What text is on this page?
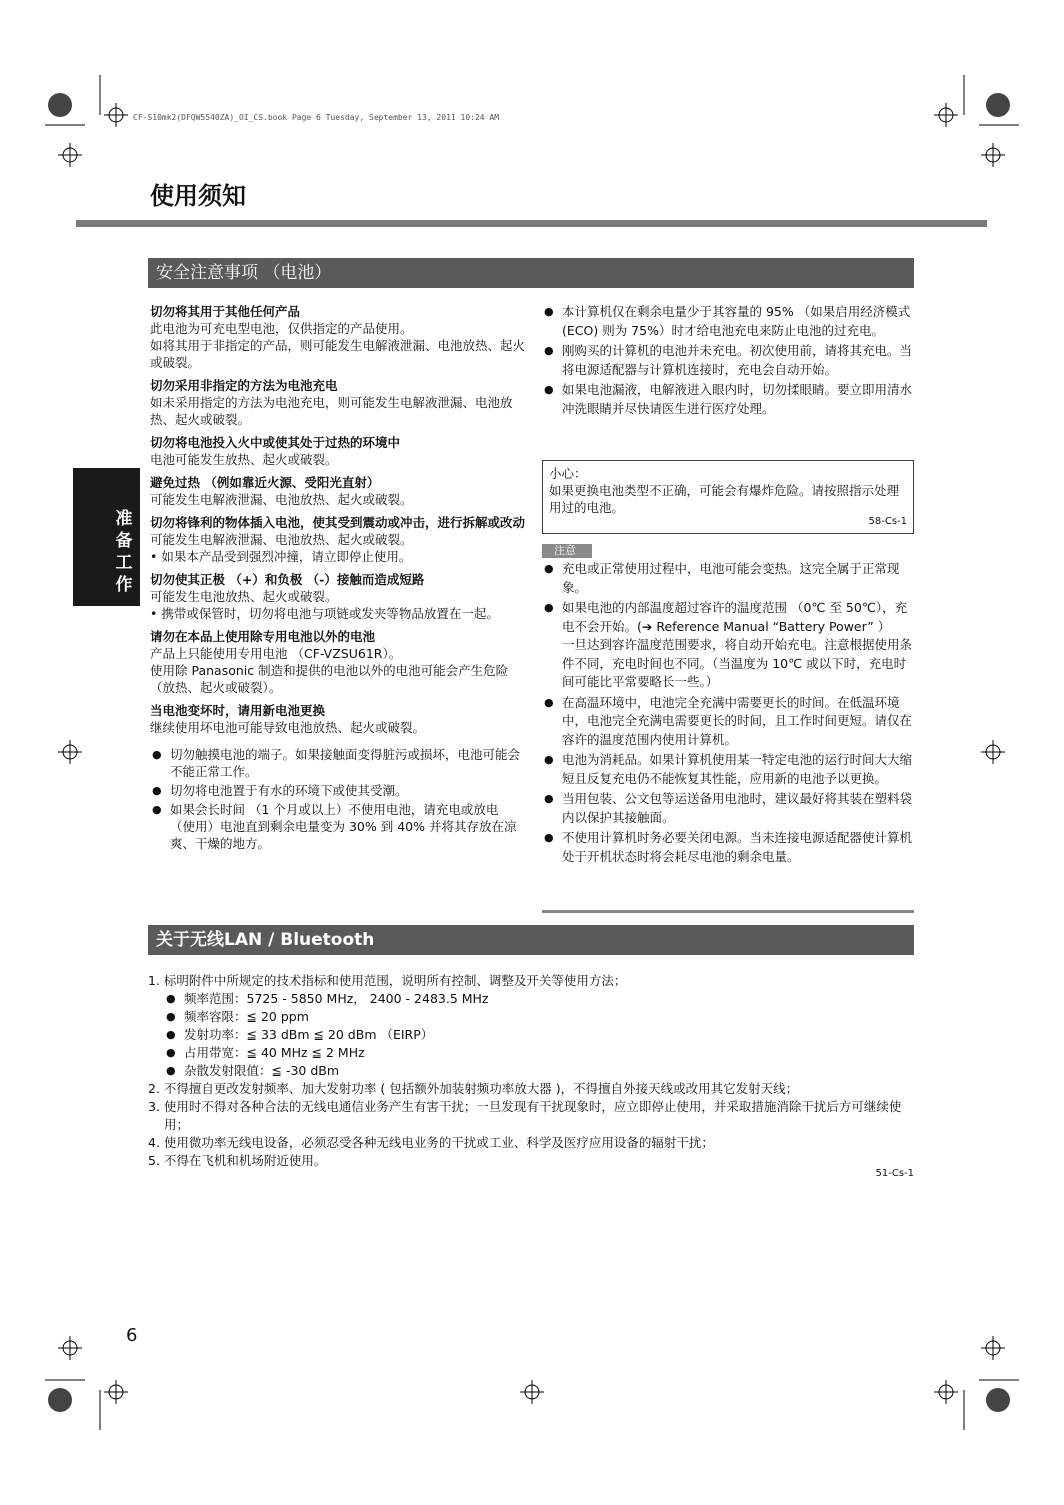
CF-S10mk2(DFQW5540ZA)_OI_CS.book Page 6 Tuesday, September 13, 2011 10:24 AM
使用须知
准备工作
安全注意事项 （电池）
切勿将其用于其他任何产品

此电池为可充电型电池，仅供指定的产品使用。

如将其用于非指定的产品，则可能发生电解液泄漏、电池放热、起火或破裂。

切勿采用非指定的方法为电池充电

如未采用指定的方法为电池充电，则可能发生电解液泄漏、电池放热、起火或破裂。

切勿将电池投入火中或使其处于过热的环境中

电池可能发生放热、起火或破裂。

避免过热 （例如靠近火源、受阳光直射）

可能发生电解液泄漏、电池放热、起火或破裂。

切勿将锋利的物体插入电池，使其受到震动或冲击，进行拆解或改动

可能发生电解液泄漏、电池放热、起火或破裂。

• 如果本产品受到强烈冲撞，请立即停止使用。

切勿使其正极 （+）和负极 （-）接触而造成短路

可能发生电池放热、起火或破裂。

• 携带或保管时，切勿将电池与项链或发夹等物品放置在一起。

请勿在本品上使用除专用电池以外的电池

产品上只能使用专用电池 （CF-VZSU61R）。

使用除 Panasonic 制造和提供的电池以外的电池可能会产生危险 （放热、起火或破裂）。

当电池变坏时，请用新电池更换

继续使用坏电池可能导致电池放热、起火或破裂。

● 切勿触摸电池的端子。如果接触面变得脏污或损坏，电池可能会不能正常工作。
● 切勿将电池置于有水的环境下或使其受潮。
● 如果会长时间 （1 个月或以上）不使用电池，请充电或放电 （使用）电池直到剩余电量变为 30% 到 40% 并将其存放在凉爽、干燥的地方。
● 本计算机仅在剩余电量少于其容量的 95% （如果启用经济模式 (ECO) 则为 75%）时才给电池充电来防止电池的过充电。
● 刚购买的计算机的电池并未充电。初次使用前，请将其充电。当将电源适配器与计算机连接时，充电会自动开始。
● 如果电池漏液，电解液进入眼内时，切勿揉眼睛。要立即用清水冲洗眼睛并尽快请医生进行医疗处理。
小心：
如果更换电池类型不正确，可能会有爆炸危险。请按照指示处理用过的电池。
58-Cs-1
注意
● 充电或正常使用过程中，电池可能会变热。这完全属于正常现象。
● 如果电池的内部温度超过容许的温度范围 （0℃ 至 50℃），充电不会开始。(➔ Reference Manual “Battery Power” ）
一旦达到容许温度范围要求，将自动开始充电。注意根据使用条件不同，充电时间也不同。（当温度为 10℃ 或以下时，充电时间可能比平常要略长一些。）
● 在高温环境中，电池完全充满中需要更长的时间。在低温环境中，电池完全充满电需要更长的时间，且工作时间更短。请仅在容许的温度范围内使用计算机。
● 电池为消耗品。如果计算机使用某一特定电池的运行时间大大缩短且反复充电仍不能恢复其性能，应用新的电池予以更换。
● 当用包装、公文包等运送备用电池时，建议最好将其装在塑料袋内以保护其接触面。
● 不使用计算机时务必要关闭电源。当未连接电源适配器使计算机处于开机状态时将会耗尽电池的剩余电量。
关于无线LAN / Bluetooth
1. 标明附件中所规定的技术指标和使用范围，说明所有控制、调整及开关等使用方法；
● 频率范围：5725 - 5850 MHz， 2400 - 2483.5 MHz
● 频率容限：≦ 20 ppm
● 发射功率：≦ 33 dBm ≦ 20 dBm （EIRP）
● 占用带宽：≦ 40 MHz ≦ 2 MHz
● 杂散发射限值：≦ -30 dBm
2. 不得擅自更改发射频率、加大发射功率 ( 包括额外加装射频功率放大器 )，不得擅自外接天线或改用其它发射天线；
3. 使用时不得对各种合法的无线电通信业务产生有害干扰；一旦发现有干扰现象时，应立即停止使用，并采取措施消除干扰后方可继续使用；
4. 使用微功率无线电设备，必须忍受各种无线电业务的干扰或工业、科学及医疗应用设备的辐射干扰；
5. 不得在飞机和机场附近使用。
51-Cs-1
6
